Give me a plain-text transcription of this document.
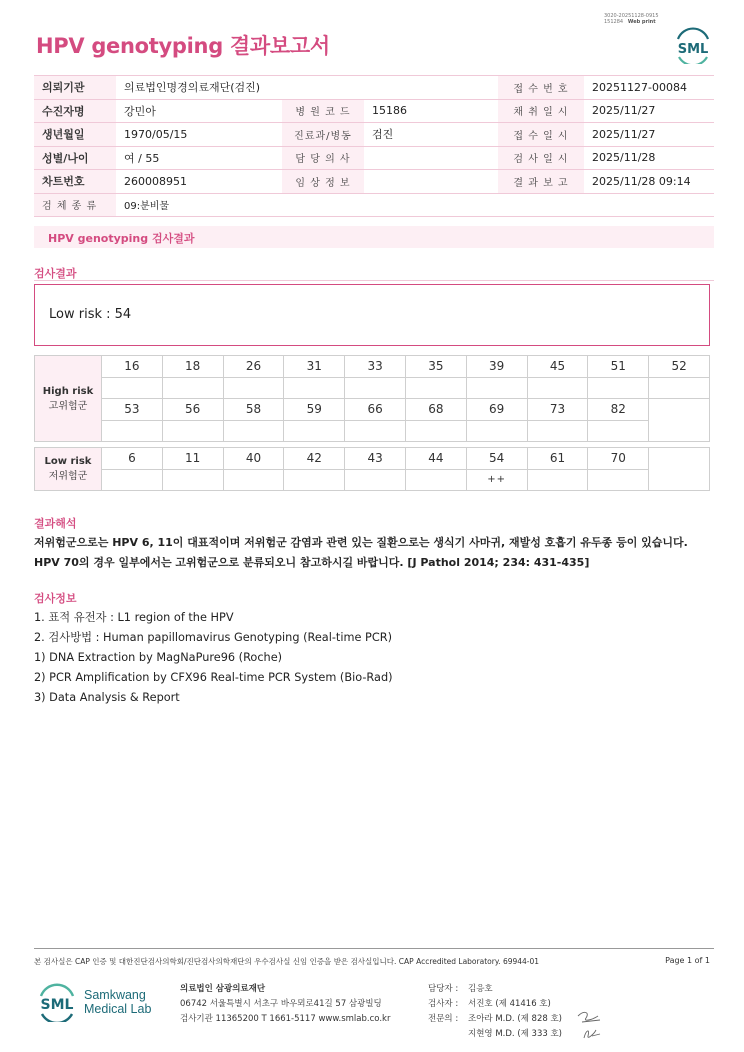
3020-20251128-0915
151284 Web print
HPV genotyping 결과보고서	SML
의뢰기관	의료법인명경의료재단(검진)			접 수 번 호	20251127-00084
수진자명	강민아	병 원 코 드	15186	채 취 일 시	2025/11/27
생년월일	1970/05/15	진료과/병동	검진	접 수 일 시	2025/11/27
성별/나이	여 / 55	담 당 의 사		검 사 일 시	2025/11/28
차트번호	260008951	임 상 정 보		결 과 보 고	2025/11/28 09:14
검 체 종 류	09:분비물				
HPV genotyping 검사결과
검사결과
Low risk : 54
High risk
고위험군	16	18	26	31	33	35	39	45	51	52

	53	56	58	59	66	68	69	73	82	

Low risk
저위험군	6	11	40	42	43	44	54	61	70	
							++			
결과해석
저위험군으로는 HPV 6, 11이 대표적이며 저위험군 감염과 관련 있는 질환으로는 생식기 사마귀, 재발성 호흡기 유두종 등이 있습니다.
HPV 70의 경우 일부에서는 고위험군으로 분류되오니 참고하시길 바랍니다. [J Pathol 2014; 234: 431-435]
검사정보
1. 표적 유전자 : L1 region of the HPV
2. 검사방법 : Human papillomavirus Genotyping (Real-time PCR)
1) DNA Extraction by MagNaPure96 (Roche)
2) PCR Amplification by CFX96 Real-time PCR System (Bio-Rad)
3) Data Analysis & Report
본 검사실은 CAP 인증 및 대한진단검사의학회/진단검사의학재단의 우수검사실 신임 인증을 받은 검사실입니다. CAP Accredited Laboratory. 69944-01	Page 1 of 1
SML
Samkwang
Medical Lab
의료법인 삼광의료재단
06742 서울특별시 서초구 바우뫼로41길 57 삼광빌딩
검사기관 11365200 T 1661-5117 www.smlab.co.kr
담당자 : 김응호
검사자 : 서진호 (제 41416 호)
전문의 : 조아라 M.D. (제 828 호)
지현영 M.D. (제 333 호)
